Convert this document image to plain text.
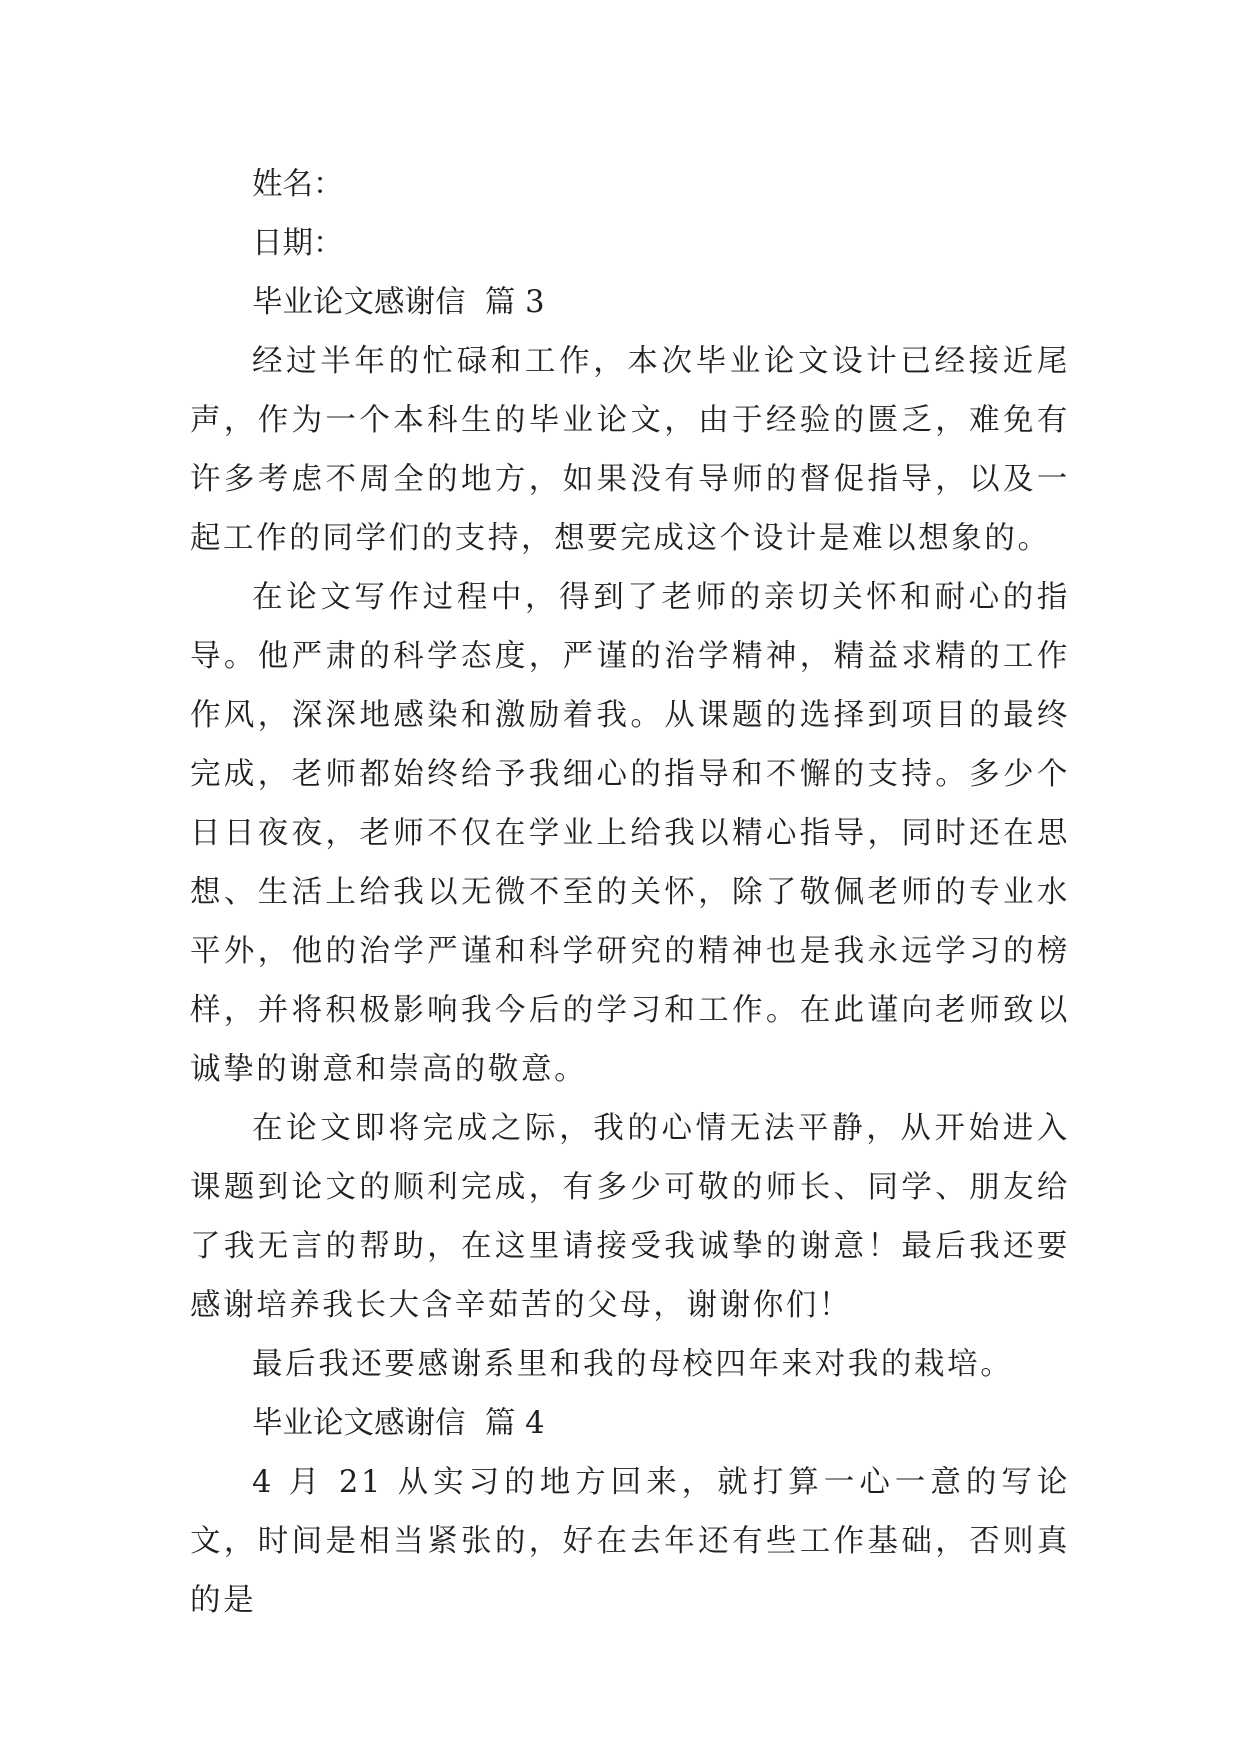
姓名：

日期：

毕业论文感谢信  篇 3

经过半年的忙碌和工作，本次毕业论文设计已经接近尾声，作为一个本科生的毕业论文，由于经验的匮乏，难免有许多考虑不周全的地方，如果没有导师的督促指导，以及一起工作的同学们的支持，想要完成这个设计是难以想象的。

在论文写作过程中，得到了老师的亲切关怀和耐心的指导。他严肃的科学态度，严谨的治学精神，精益求精的工作作风，深深地感染和激励着我。从课题的选择到项目的最终完成，老师都始终给予我细心的指导和不懈的支持。多少个日日夜夜，老师不仅在学业上给我以精心指导，同时还在思想、生活上给我以无微不至的关怀，除了敬佩老师的专业水平外，他的治学严谨和科学研究的精神也是我永远学习的榜样，并将积极影响我今后的学习和工作。在此谨向老师致以诚挚的谢意和崇高的敬意。

在论文即将完成之际，我的心情无法平静，从开始进入课题到论文的顺利完成，有多少可敬的师长、同学、朋友给了我无言的帮助，在这里请接受我诚挚的谢意！最后我还要感谢培养我长大含辛茹苦的父母，谢谢你们！

最后我还要感谢系里和我的母校四年来对我的栽培。

毕业论文感谢信  篇 4

4 月 21 从实习的地方回来，就打算一心一意的写论文，时间是相当紧张的，好在去年还有些工作基础，否则真的是
